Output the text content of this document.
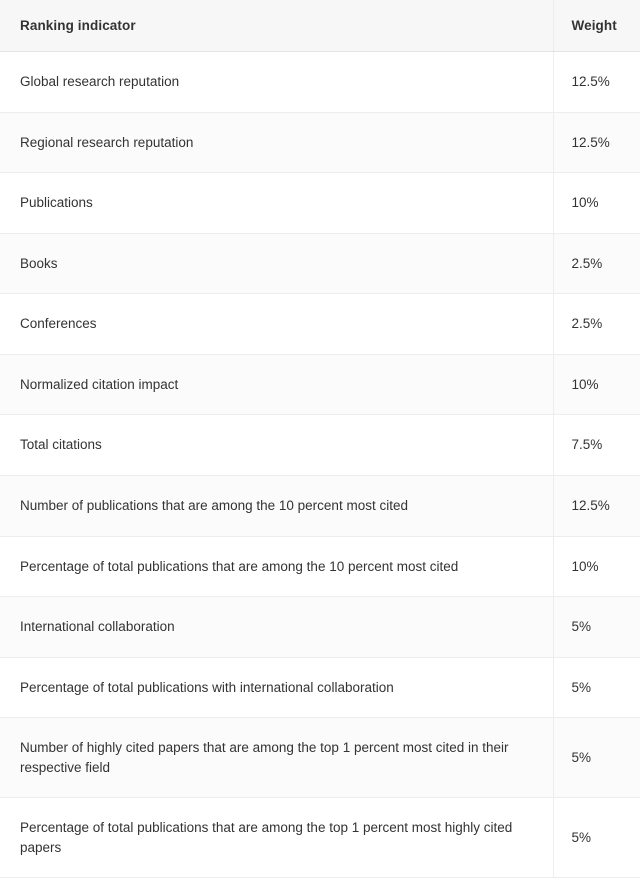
Ranking indicator	Weight
Global research reputation	12.5%
Regional research reputation	12.5%
Publications	10%
Books	2.5%
Conferences	2.5%
Normalized citation impact	10%
Total citations	7.5%
Number of publications that are among the 10 percent most cited	12.5%
Percentage of total publications that are among the 10 percent most cited	10%
International collaboration	5%
Percentage of total publications with international collaboration	5%
Number of highly cited papers that are among the top 1 percent most cited in their respective field	5%
Percentage of total publications that are among the top 1 percent most highly cited papers	5%
